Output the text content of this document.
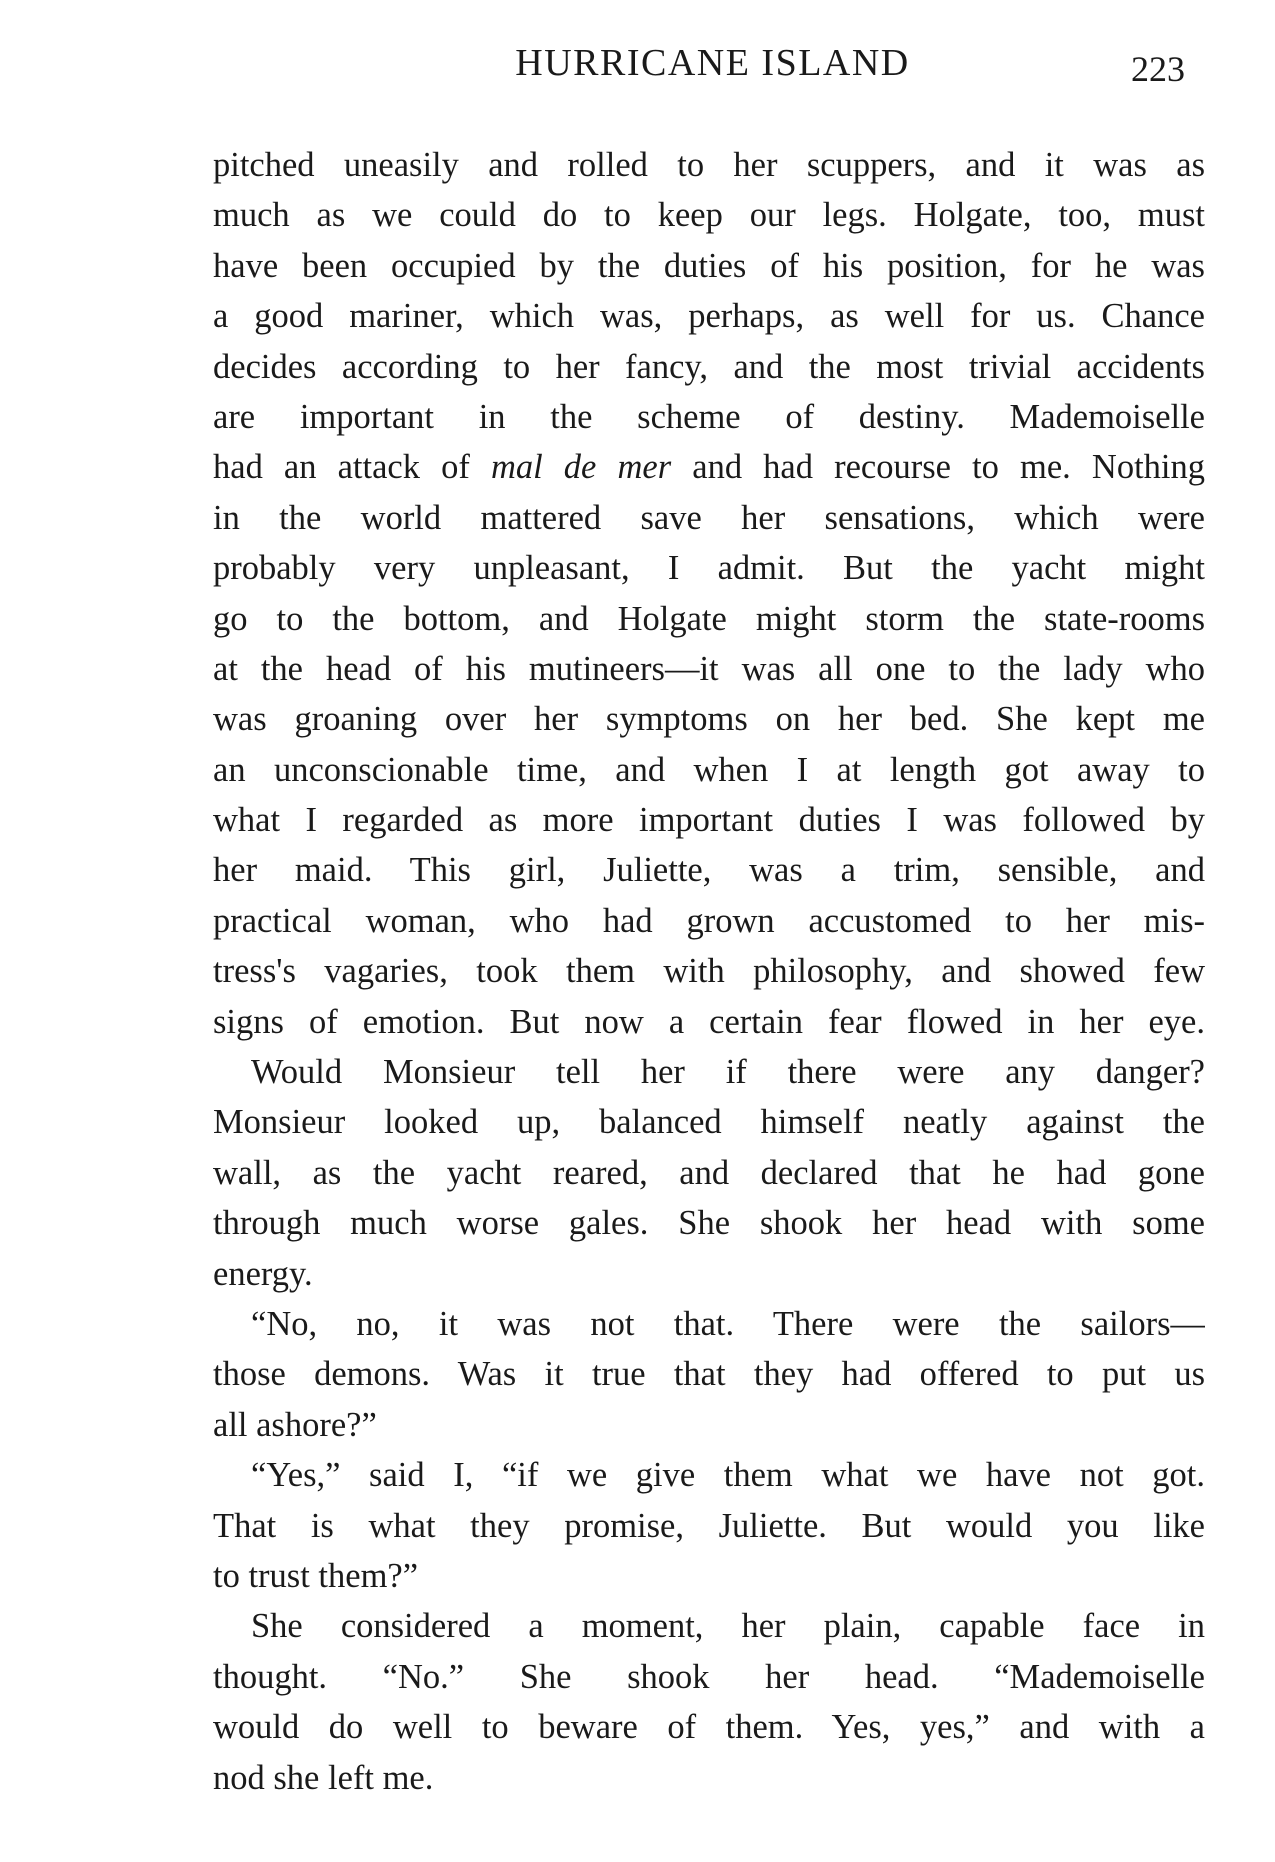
HURRICANE ISLAND	223
pitched uneasily and rolled to her scuppers, and it was as
much as we could do to keep our legs. Holgate, too, must
have been occupied by the duties of his position, for he was
a good mariner, which was, perhaps, as well for us. Chance
decides according to her fancy, and the most trivial accidents
are important in the scheme of destiny. Mademoiselle
had an attack of mal de mer and had recourse to me. Nothing
in the world mattered save her sensations, which were
probably very unpleasant, I admit. But the yacht might
go to the bottom, and Holgate might storm the state-rooms
at the head of his mutineers—it was all one to the lady who
was groaning over her symptoms on her bed. She kept me
an unconscionable time, and when I at length got away to
what I regarded as more important duties I was followed by
her maid. This girl, Juliette, was a trim, sensible, and
practical woman, who had grown accustomed to her mis-
tress's vagaries, took them with philosophy, and showed few
signs of emotion. But now a certain fear flowed in her eye.
Would Monsieur tell her if there were any danger?
Monsieur looked up, balanced himself neatly against the
wall, as the yacht reared, and declared that he had gone
through much worse gales. She shook her head with some
energy.
“No, no, it was not that. There were the sailors—
those demons. Was it true that they had offered to put us
all ashore?”
“Yes,” said I, “if we give them what we have not got.
That is what they promise, Juliette. But would you like
to trust them?”
She considered a moment, her plain, capable face in
thought. “No.” She shook her head. “Mademoiselle
would do well to beware of them. Yes, yes,” and with a
nod she left me.
